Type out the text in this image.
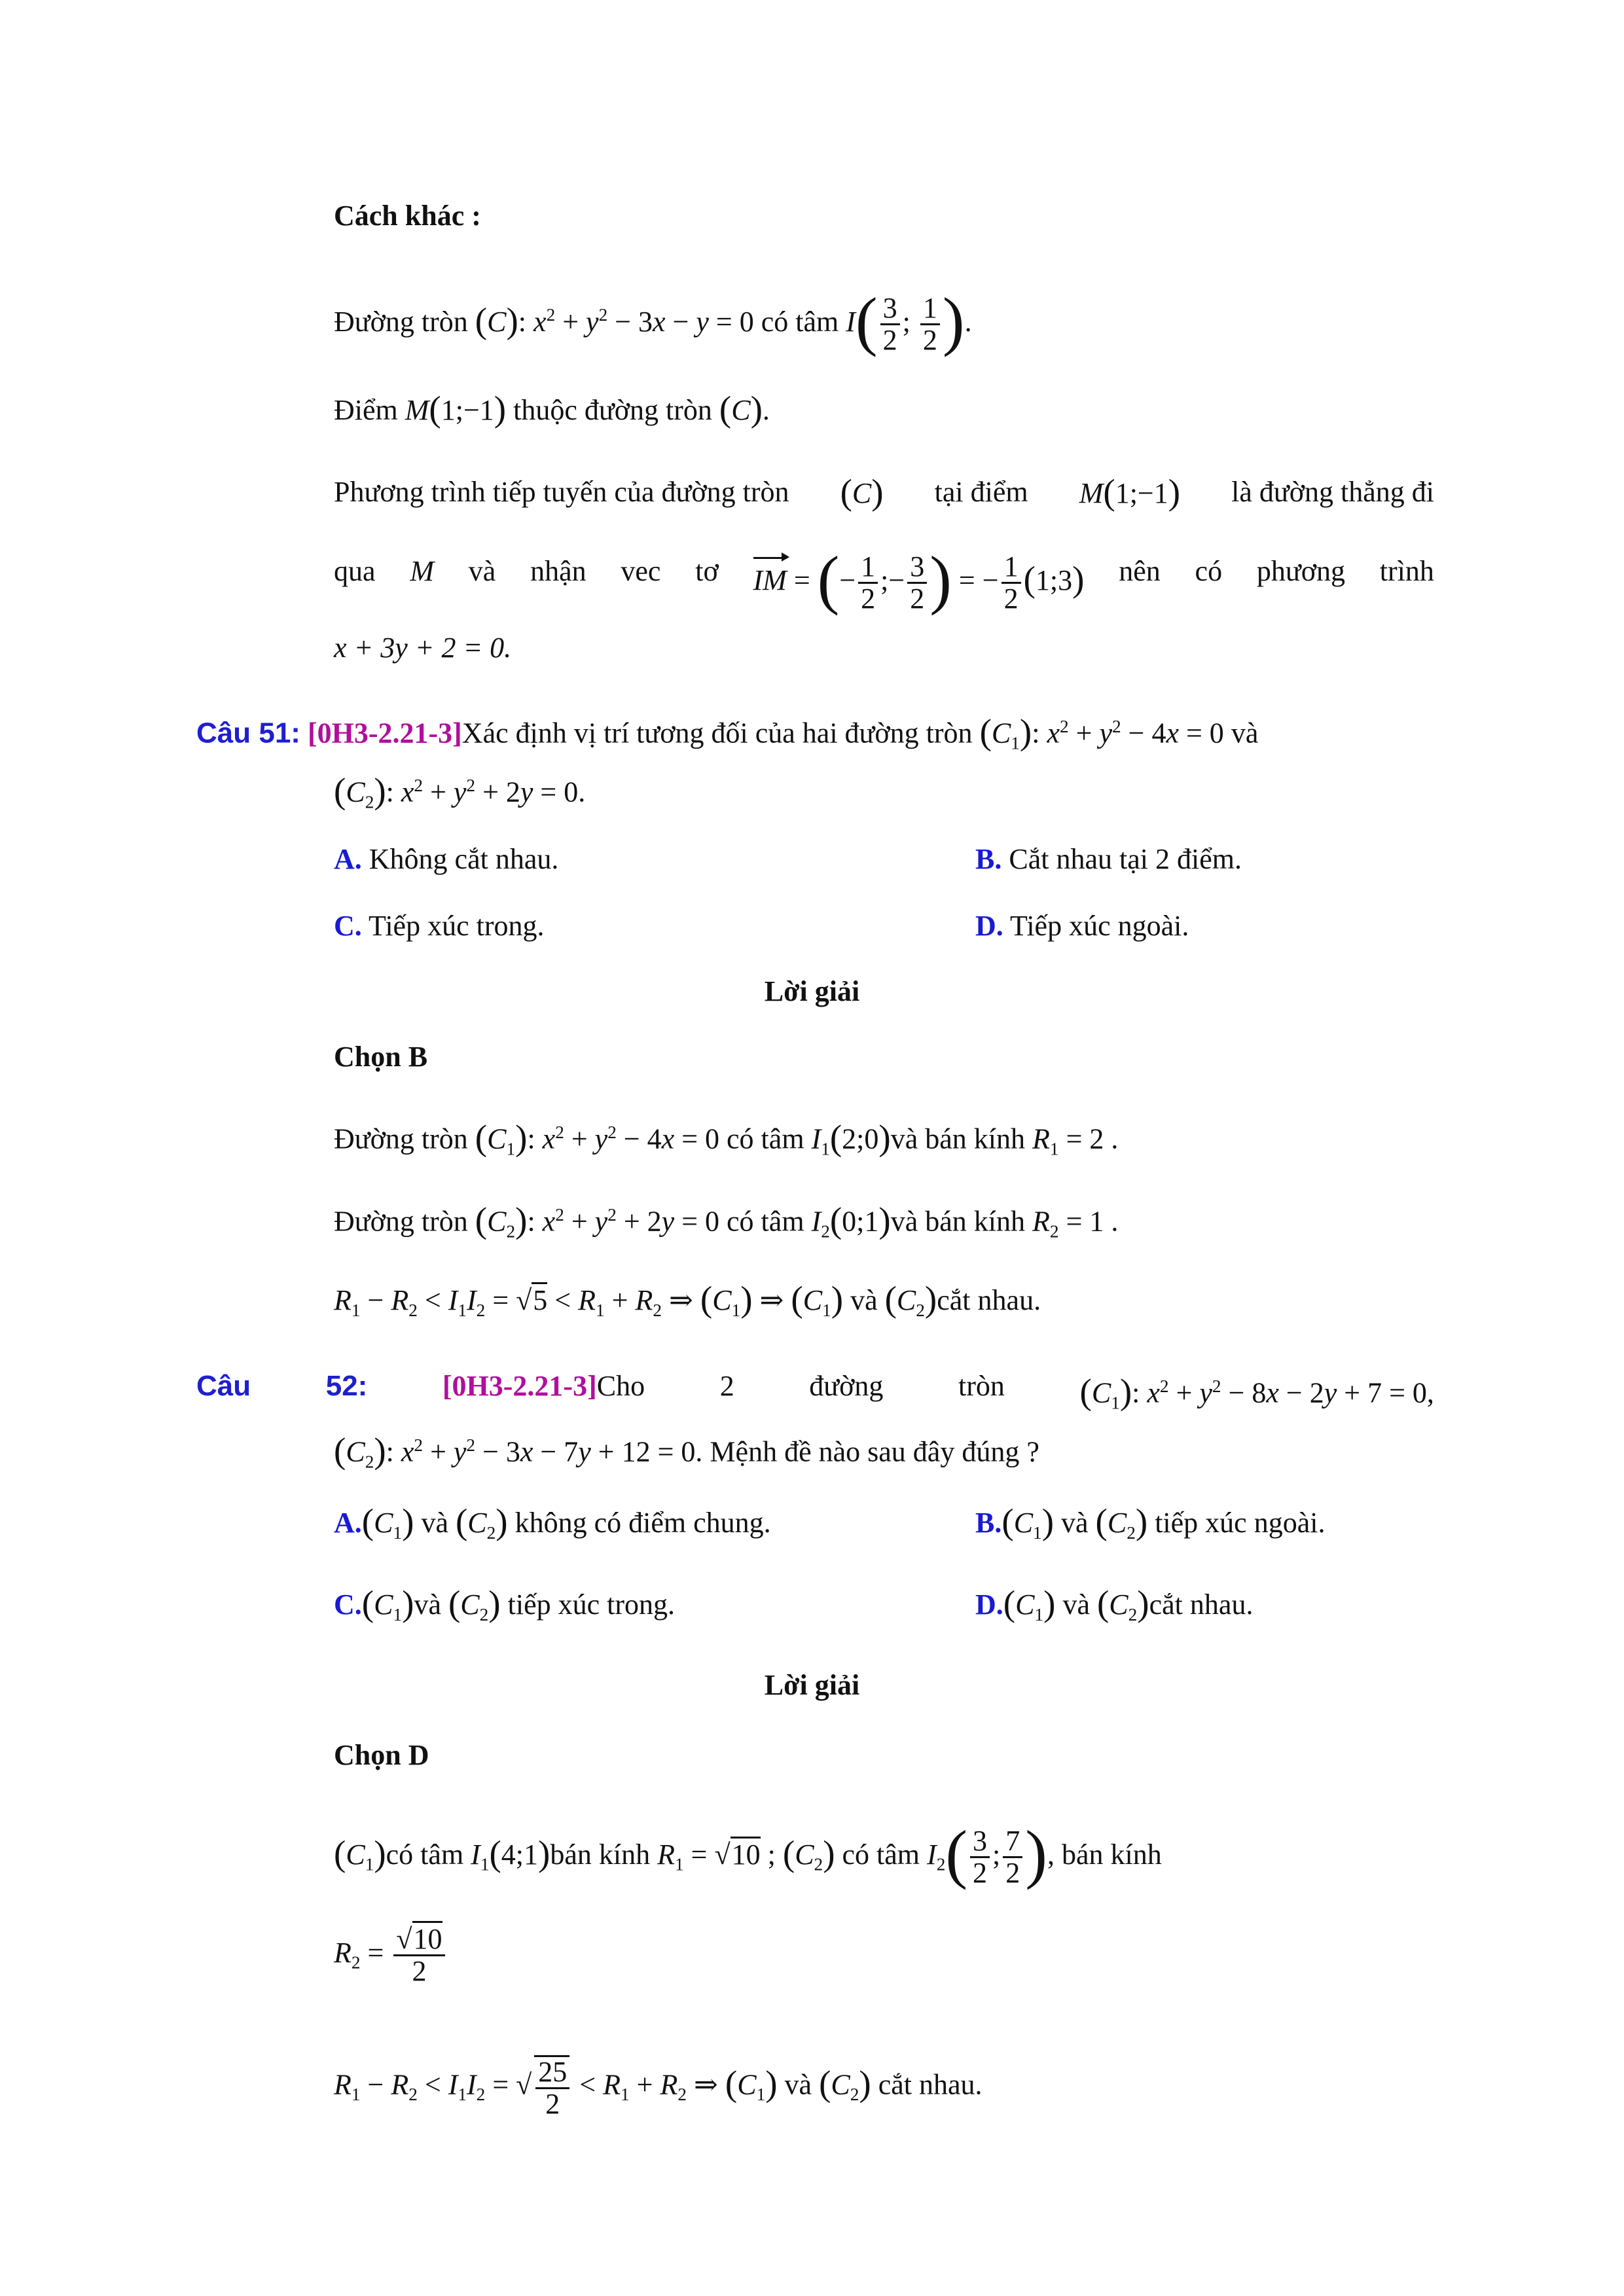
Cách khác :
Đường tròn (C): $x^2 + y^2 - 3x - y = 0$ có tâm $I( \frac{3}{2}$ ; $\frac{1}{2}$ ).
Điểm M(1;−1) thuộc đường tròn (C).
Phương trình tiếp tuyến của đường tròn (C) tại điểm M(1;−1) là đường thẳng đi
qua M và nhận vec tơ IM = (− $\frac{1}{2}$ ;− $\frac{3}{2}$ ) = − $\frac{1}{2}$ (1;3) nên có phương trình
x + 3y + 2 = 0.
Câu 51: [0H3-2.21-3]Xác định vị trí tương đối của hai đường tròn $(C_1)$: $x^2 + y^2 - 4x = 0$ và
$(C_2)$: $x^2 + y^2 + 2y = 0$.
A. Không cắt nhau.	B. Cắt nhau tại 2 điểm.
C. Tiếp xúc trong.	D. Tiếp xúc ngoài.
Lời giải
Chọn B
Đường tròn $(C_1)$: $x^2 + y^2 - 4x = 0$ có tâm $I_1(2;0)và$ bán kính $R_1 = 2$ .
Đường tròn $(C_2)$: $x^2 + y^2 + 2y = 0$ có tâm $I_2(0;1)và$ bán kính $R_2 = 1$ .
$R_1 - R_2 < I_1I_2 = √5 < R_1 + R_2$ ⇒ $(C_1)$ ⇒ $(C_1)$ và $(C_2)cắt$ nhau.
Câu	52:	[0H3-2.21-3]Cho	2	đường	tròn $(C_1)$: $x^2 + y^2 - 8x - 2y + 7 = 0$,
$(C_2)$: $x^2 + y^2 - 3x - 7y + 12 = 0$. Mệnh đề nào sau đây đúng ?
$A.(C_1)$ và $(C_2)$ không có điểm chung.	$B.(C_1)$ và $(C_2)$ tiếp xúc ngoài.
$C.(C_1)và$ $(C_2)$ tiếp xúc trong.	$D.(C_1)$ và $(C_2)cắt$ nhau.
Lời giải
Chọn D
$(C_1)có$ tâm $I_1(4;1)bán$ kính $R_1 = √10$ ; $(C_2)$ có tâm $I_2( \frac{3}{2}$ ; $\frac{7}{2}$ ), bán kính
$R_2 = \frac{√10}{2}$
$R_1 - R_2 < I_1I_2$ = √ $\frac{25}{2} < R_1 + R_2$ ⇒ $(C_1)$ và $(C_2)$ cắt nhau.
